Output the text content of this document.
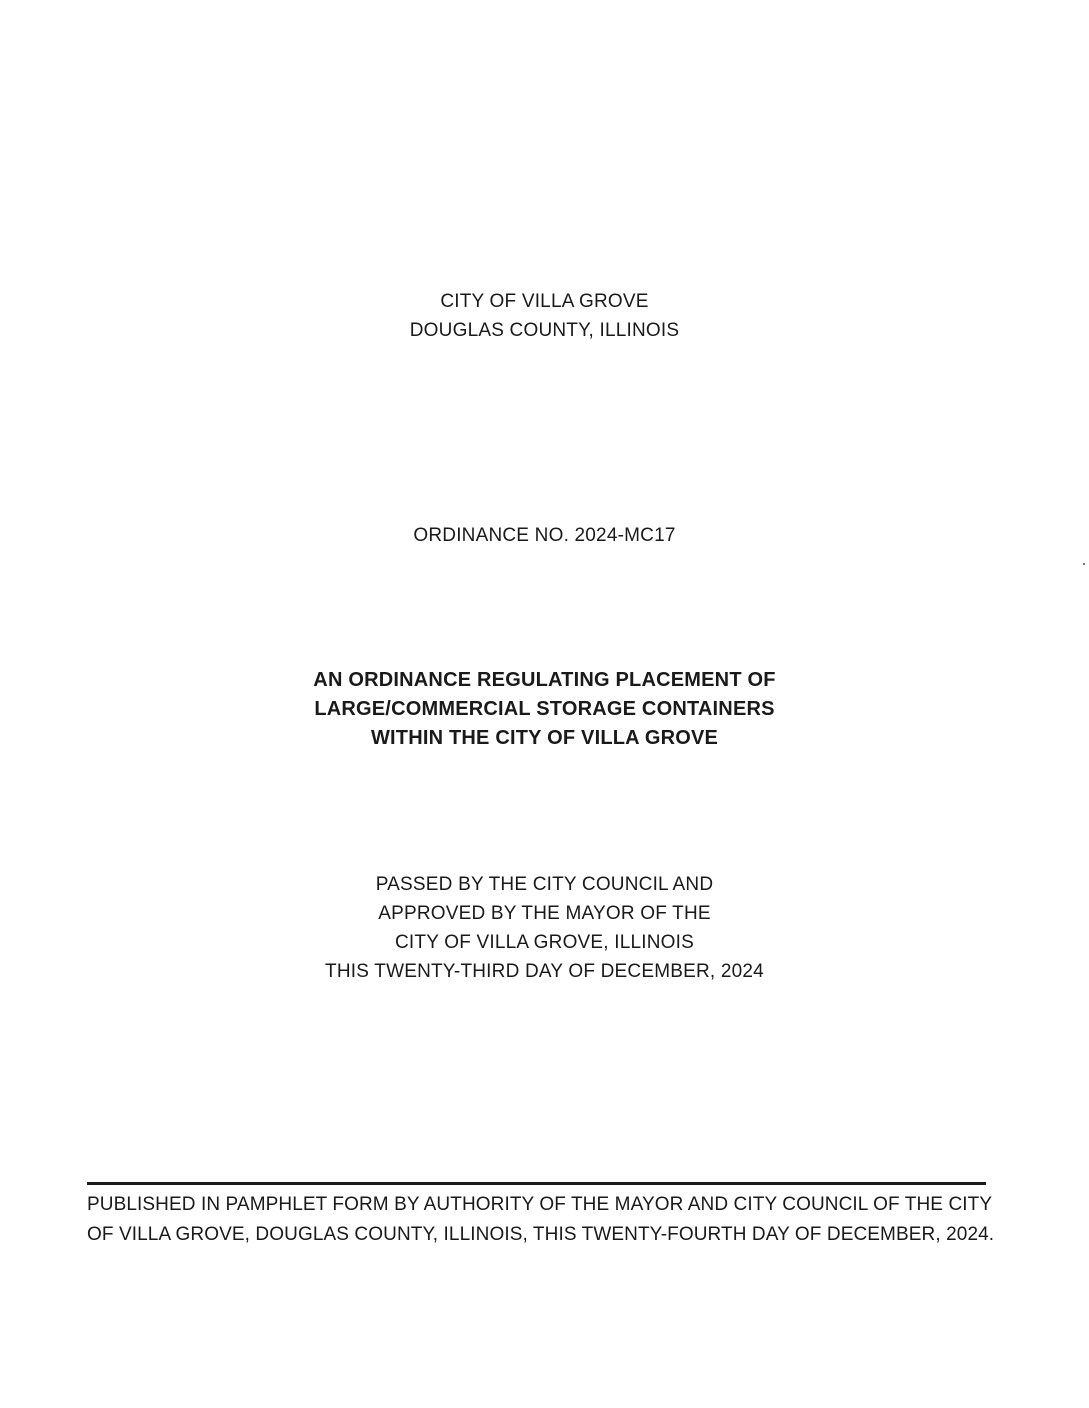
CITY OF VILLA GROVE
DOUGLAS COUNTY, ILLINOIS
ORDINANCE NO. 2024-MC17
AN ORDINANCE REGULATING PLACEMENT OF
LARGE/COMMERCIAL STORAGE CONTAINERS
WITHIN THE CITY OF VILLA GROVE
PASSED BY THE CITY COUNCIL AND
APPROVED BY THE MAYOR OF THE
CITY OF VILLA GROVE, ILLINOIS
THIS TWENTY-THIRD DAY OF DECEMBER, 2024
PUBLISHED IN PAMPHLET FORM BY AUTHORITY OF THE MAYOR AND CITY COUNCIL OF THE CITY
OF VILLA GROVE, DOUGLAS COUNTY, ILLINOIS, THIS TWENTY-FOURTH DAY OF DECEMBER, 2024.
